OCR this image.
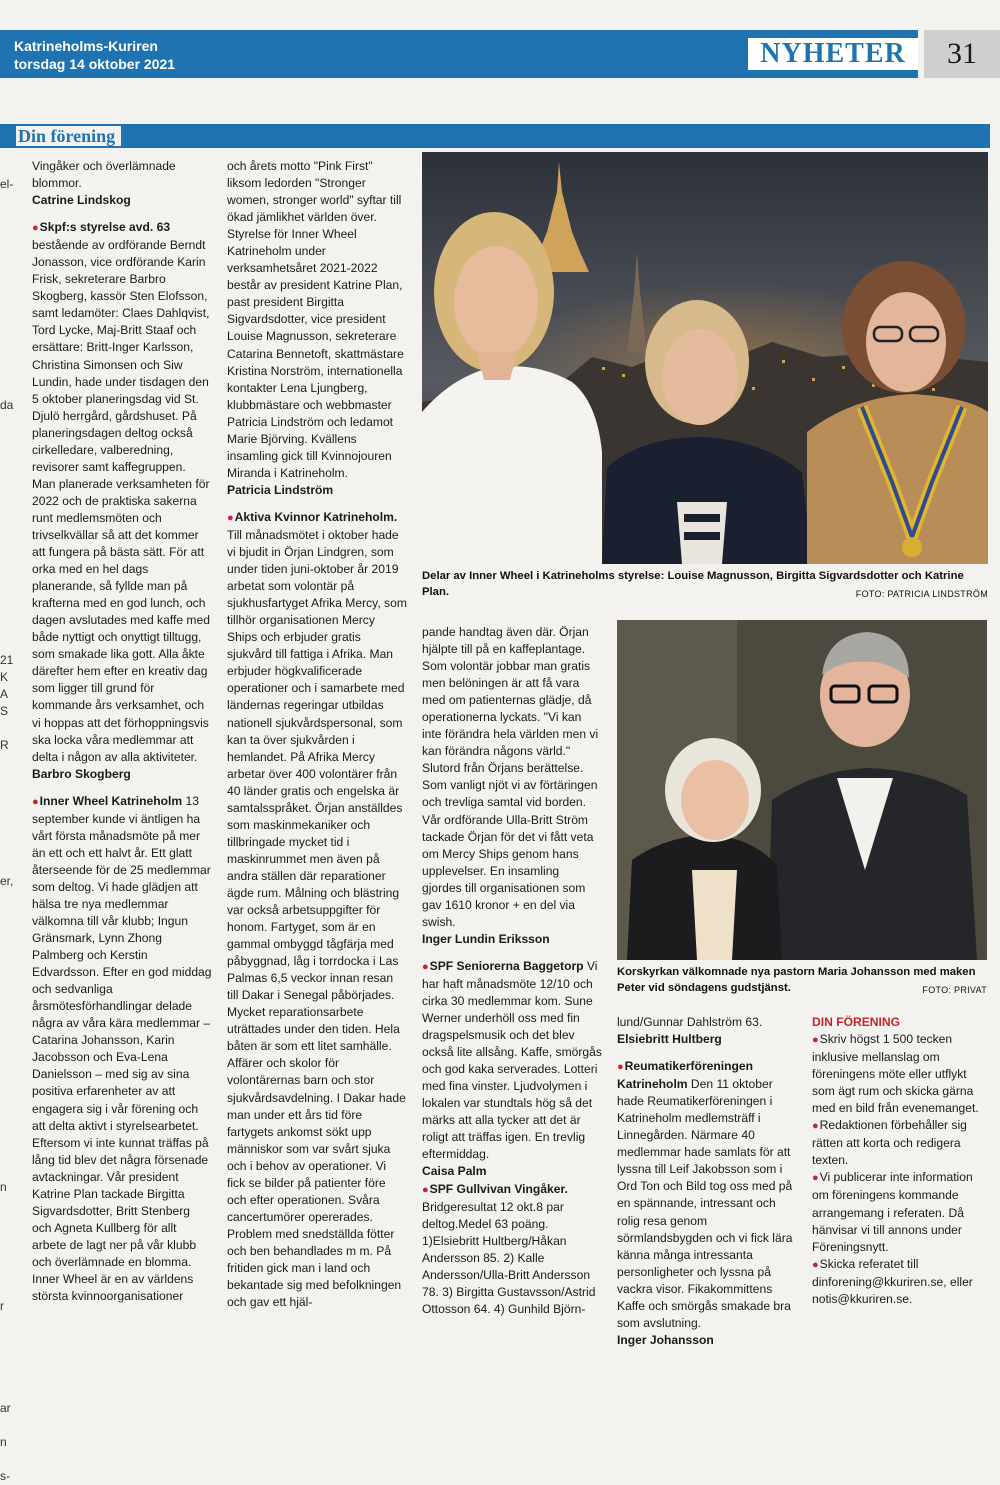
Katrineholms-Kuriren
torsdag 14 oktober 2021	NYHETER	31
Din förening
el-
da
21
K
A
S
R
er,
n
r
ar
n
s-

Vingåker och överlämnade blommor.

Catrine Lindskog

●Skpf:s styrelse avd. 63 bestående av ordförande Berndt Jonasson, vice ordförande Karin Frisk, sekreterare Barbro Skogberg, kassör Sten Elofsson, samt ledamöter: Claes Dahlqvist, Tord Lycke, Maj-Britt Staaf och ersättare: Britt-Inger Karlsson, Christina Simonsen och Siw Lundin, hade under tisdagen den 5 oktober planeringsdag vid St. Djulö herrgård, gårdshuset. På planeringsdagen deltog också cirkelledare, valberedning, revisorer samt kaffegruppen. Man planerade verksamheten för 2022 och de praktiska sakerna runt medlemsmöten och trivselkvällar så att det kommer att fungera på bästa sätt. För att orka med en hel dags planerande, så fyllde man på krafterna med en god lunch, och dagen avslutades med kaffe med både nyttigt och onyttigt tilltugg, som smakade lika gott. Alla åkte därefter hem efter en kreativ dag som ligger till grund för kommande års verksamhet, och vi hoppas att det förhoppningsvis ska locka våra medlemmar att delta i någon av alla aktiviteter.

Barbro Skogberg

●Inner Wheel Katrineholm 13 september kunde vi äntligen ha vårt första månadsmöte på mer än ett och ett halvt år. Ett glatt återseende för de 25 medlemmar som deltog. Vi hade glädjen att hälsa tre nya medlemmar välkomna till vår klubb; Ingun Gränsmark, Lynn Zhong Palmberg och Kerstin Edvardsson. Efter en god middag och sedvanliga årsmötesförhandlingar delade några av våra kära medlemmar – Catarina Johansson, Karin Jacobsson och Eva-Lena Danielsson – med sig av sina positiva erfarenheter av att engagera sig i vår förening och att delta aktivt i styrelsearbetet. Eftersom vi inte kunnat träffas på lång tid blev det några försenade avtackningar. Vår president Katrine Plan tackade Birgitta Sigvardsdotter, Britt Stenberg och Agneta Kullberg för allt arbete de lagt ner på vår klubb och överlämnade en blomma. Inner Wheel är en av världens största kvinnoorganisationer

och årets motto "Pink First" liksom ledorden "Stronger women, stronger world" syftar till ökad jämlikhet världen över. Styrelse för Inner Wheel Katrineholm under verksamhetsåret 2021-2022 består av president Katrine Plan, past president Birgitta Sigvardsdotter, vice president Louise Magnusson, sekreterare Catarina Bennetoft, skattmästare Kristina Norström, internationella kontakter Lena Ljungberg, klubbmästare och webbmaster Patricia Lindström och ledamot Marie Björving. Kvällens insamling gick till Kvinnojouren Miranda i Katrineholm.

Patricia Lindström

●Aktiva Kvinnor Katrineholm. Till månadsmötet i oktober hade vi bjudit in Örjan Lindgren, som under tiden juni-oktober år 2019 arbetat som volontär på sjukhusfartyget Afrika Mercy, som tillhör organisationen Mercy Ships och erbjuder gratis sjukvård till fattiga i Afrika. Man erbjuder högkvalificerade operationer och i samarbete med ländernas regeringar utbildas nationell sjukvårdspersonal, som kan ta över sjukvården i hemlandet. På Afrika Mercy arbetar över 400 volontärer från 40 länder gratis och engelska är samtalsspråket. Örjan anställdes som maskinmekaniker och tillbringade mycket tid i maskinrummet men även på andra ställen där reparationer ägde rum. Målning och blästring var också arbetsuppgifter för honom. Fartyget, som är en gammal ombyggd tågfärja med påbyggnad, låg i torrdocka i Las Palmas 6,5 veckor innan resan till Dakar i Senegal påbörjades. Mycket reparationsarbete uträttades under den tiden. Hela båten är som ett litet samhälle. Affärer och skolor för volontärernas barn och stor sjukvårdsavdelning. I Dakar hade man under ett års tid före fartygets ankomst sökt upp människor som var svårt sjuka och i behov av operationer. Vi fick se bilder på patienter före och efter operationen. Svåra cancertumörer opererades. Problem med snedställda fötter och ben behandlades m m. På fritiden gick man i land och bekantade sig med befolkningen och gav ett hjäl-

Delar av Inner Wheel i Katrineholms styrelse: Louise Magnusson, Birgitta Sigvardsdotter och Katrine Plan.	FOTO: PATRICIA LINDSTRÖM

pande handtag även där. Örjan hjälpte till på en kaffeplantage. Som volontär jobbar man gratis men belöningen är att få vara med om patienternas glädje, då operationerna lyckats. "Vi kan inte förändra hela världen men vi kan förändra någons värld." Slutord från Örjans berättelse. Som vanligt njöt vi av förtäringen och trevliga samtal vid borden. Vår ordförande Ulla-Britt Ström tackade Örjan för det vi fått veta om Mercy Ships genom hans upplevelser. En insamling gjordes till organisationen som gav 1610 kronor + en del via swish.

Inger Lundin Eriksson

●SPF Seniorerna Baggetorp Vi har haft månadsmöte 12/10 och cirka 30 medlemmar kom. Sune Werner underhöll oss med fin dragspelsmusik och det blev också lite allsång. Kaffe, smörgås och god kaka serverades. Lotteri med fina vinster. Ljudvolymen i lokalen var stundtals hög så det märks att alla tycker att det är roligt att träffas igen. En trevlig eftermiddag.

Caisa Palm

●SPF Gullvivan Vingåker. Bridgeresultat 12 okt.8 par deltog.Medel 63 poäng. 1)Elsiebritt Hultberg/Håkan Andersson 85. 2) Kalle Andersson/Ulla-Britt Andersson 78. 3) Birgitta Gustavsson/Astrid Ottosson 64. 4) Gunhild Björn-

Korskyrkan välkomnade nya pastorn Maria Johansson med maken Peter vid söndagens gudstjänst.	FOTO: PRIVAT

lund/Gunnar Dahlström 63.

Elsiebritt Hultberg

●Reumatikerföreningen Katrineholm Den 11 oktober hade Reumatikerföreningen i Katrineholm medlemsträff i Linnegården. Närmare 40 medlemmar hade samlats för att lyssna till Leif Jakobsson som i Ord Ton och Bild tog oss med på en spännande, intressant och rolig resa genom sörmlandsbygden och vi fick lära känna många intressanta personligheter och lyssna på vackra visor. Fikakommittens Kaffe och smörgås smakade bra som avslutning.

Inger Johansson

DIN FÖRENING

●Skriv högst 1 500 tecken inklusive mellanslag om föreningens möte eller utflykt som ägt rum och skicka gärna med en bild från evenemanget.

●Redaktionen förbehåller sig rätten att korta och redigera texten.

●Vi publicerar inte information om föreningens kommande arrangemang i referaten. Då hänvisar vi till annons under Föreningsnytt.

●Skicka referatet till dinforening@kkuriren.se, eller notis@kkuriren.se.
